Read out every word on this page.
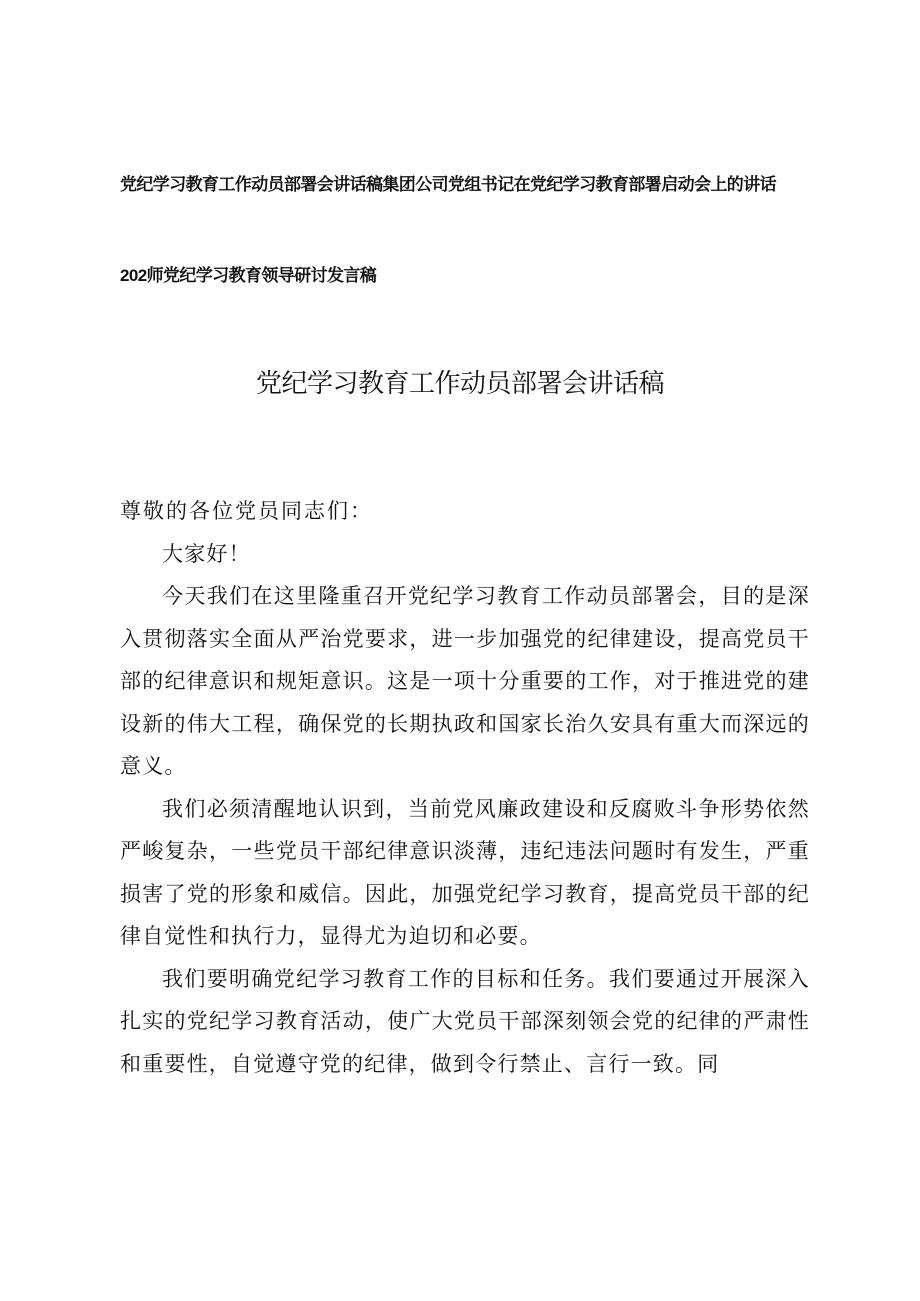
党纪学习教育工作动员部署会讲话稿集团公司党组书记在党纪学习教育部署启动会上的讲话
202师党纪学习教育领导研讨发言稿
党纪学习教育工作动员部署会讲话稿

尊敬的各位党员同志们：

大家好！

今天我们在这里隆重召开党纪学习教育工作动员部署会，目的是深入贯彻落实全面从严治党要求，进一步加强党的纪律建设，提高党员干部的纪律意识和规矩意识。这是一项十分重要的工作，对于推进党的建设新的伟大工程，确保党的长期执政和国家长治久安具有重大而深远的意义。

我们必须清醒地认识到，当前党风廉政建设和反腐败斗争形势依然严峻复杂，一些党员干部纪律意识淡薄，违纪违法问题时有发生，严重损害了党的形象和威信。因此，加强党纪学习教育，提高党员干部的纪律自觉性和执行力，显得尤为迫切和必要。

我们要明确党纪学习教育工作的目标和任务。我们要通过开展深入扎实的党纪学习教育活动，使广大党员干部深刻领会党的纪律的严肃性和重要性，自觉遵守党的纪律，做到令行禁止、言行一致。同
